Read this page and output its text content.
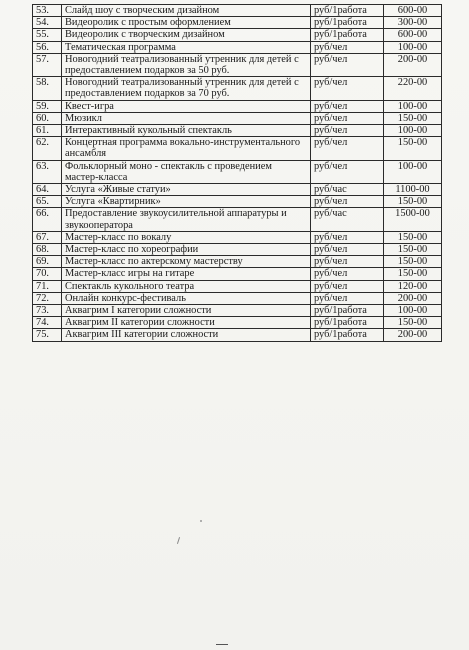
53.	Слайд шоу с творческим дизайном	руб/1работа	600-00
54.	Видеоролик с простым оформлением	руб/1работа	300-00
55.	Видеоролик с творческим дизайном	руб/1работа	600-00
56.	Тематическая программа	руб/чел	100-00
57.	Новогодний театрализованный утренник для детей с предоставлением подарков за 50 руб.	руб/чел	200-00
58.	Новогодний театрализованный утренник для детей с предоставлением подарков за 70 руб.	руб/чел	220-00
59.	Квест-игра	руб/чел	100-00
60.	Мюзикл	руб/чел	150-00
61.	Интерактивный кукольный спектакль	руб/чел	100-00
62.	Концертная программа вокально-инструментального ансамбля	руб/чел	150-00
63.	Фольклорный моно - спектакль с проведением мастер-класса	руб/чел	100-00
64.	Услуга «Живые статуи»	руб/час	1100-00
65.	Услуга «Квартирник»	руб/чел	150-00
66.	Предоставление звукоусилительной аппаратуры и звукооператора	руб/час	1500-00
67.	Мастер-класс по вокалу	руб/чел	150-00
68.	Мастер-класс по хореографии	руб/чел	150-00
69.	Мастер-класс по актерскому мастерству	руб/чел	150-00
70.	Мастер-класс игры на гитаре	руб/чел	150-00
71.	Спектакль кукольного театра	руб/чел	120-00
72.	Онлайн конкурс-фестиваль	руб/чел	200-00
73.	Аквагрим I категории сложности	руб/1работа	100-00
74.	Аквагрим II категории сложности	руб/1работа	150-00
75.	Аквагрим III категории сложности	руб/1работа	200-00
